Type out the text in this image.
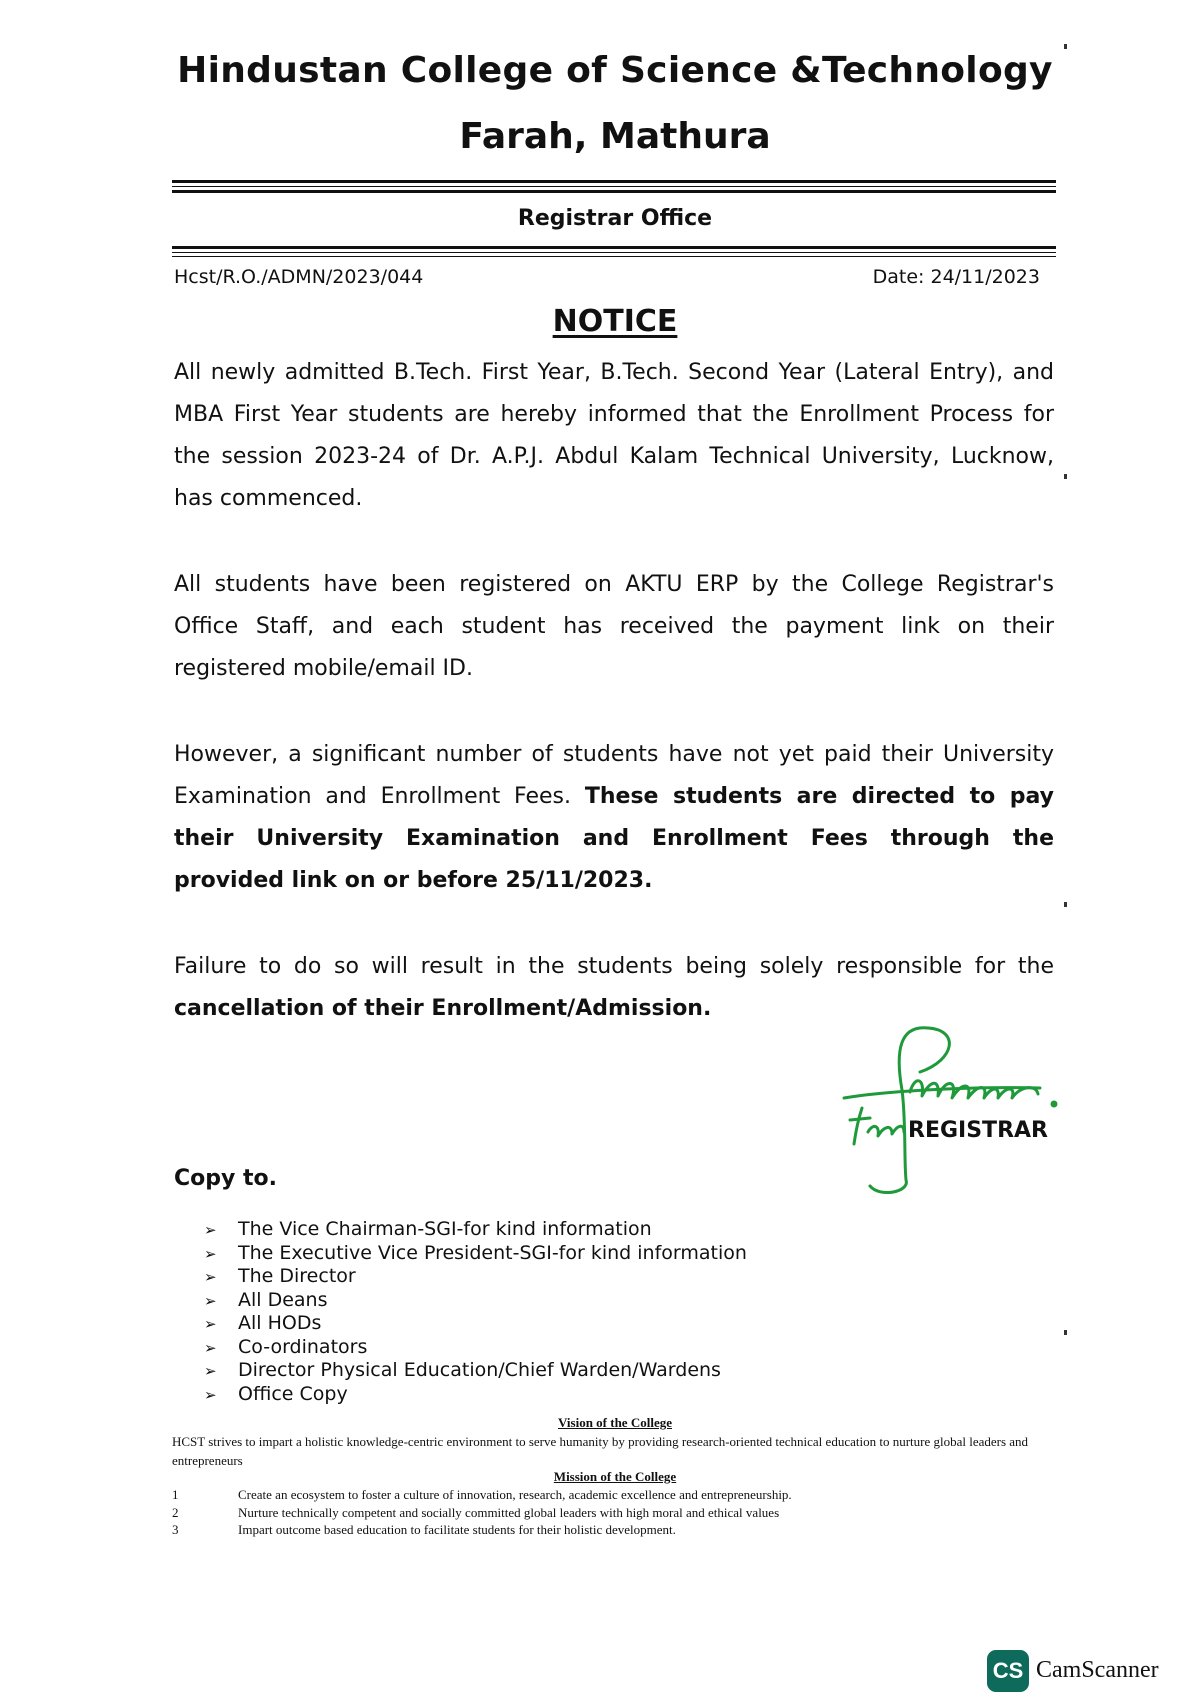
Hindustan College of Science &Technology
Farah, Mathura
Registrar Office
Hcst/R.O./ADMN/2023/044	Date: 24/11/2023
NOTICE

All newly admitted B.Tech. First Year, B.Tech. Second Year (Lateral Entry), and MBA First Year students are hereby informed that the Enrollment Process for the session 2023-24 of Dr. A.P.J. Abdul Kalam Technical University, Lucknow, has commenced.

All students have been registered on AKTU ERP by the College Registrar's Office Staff, and each student has received the payment link on their registered mobile/email ID.

However, a significant number of students have not yet paid their University Examination and Enrollment Fees. These students are directed to pay their University Examination and Enrollment Fees through the provided link on or before 25/11/2023.

Failure to do so will result in the students being solely responsible for the cancellation of their Enrollment/Admission.

REGISTRAR
Copy to.
➢ The Vice Chairman-SGI-for kind information
➢ The Executive Vice President-SGI-for kind information
➢ The Director
➢ All Deans
➢ All HODs
➢ Co-ordinators
➢ Director Physical Education/Chief Warden/Wardens
➢ Office Copy
Vision of the College

HCST strives to impart a holistic knowledge-centric environment to serve humanity by providing research-oriented technical education to nurture global leaders and entrepreneurs

Mission of the College
1	Create an ecosystem to foster a culture of innovation, research, academic excellence and entrepreneurship.
2	Nurture technically competent and socially committed global leaders with high moral and ethical values
3	Impart outcome based education to facilitate students for their holistic development.
CS CamScanner
